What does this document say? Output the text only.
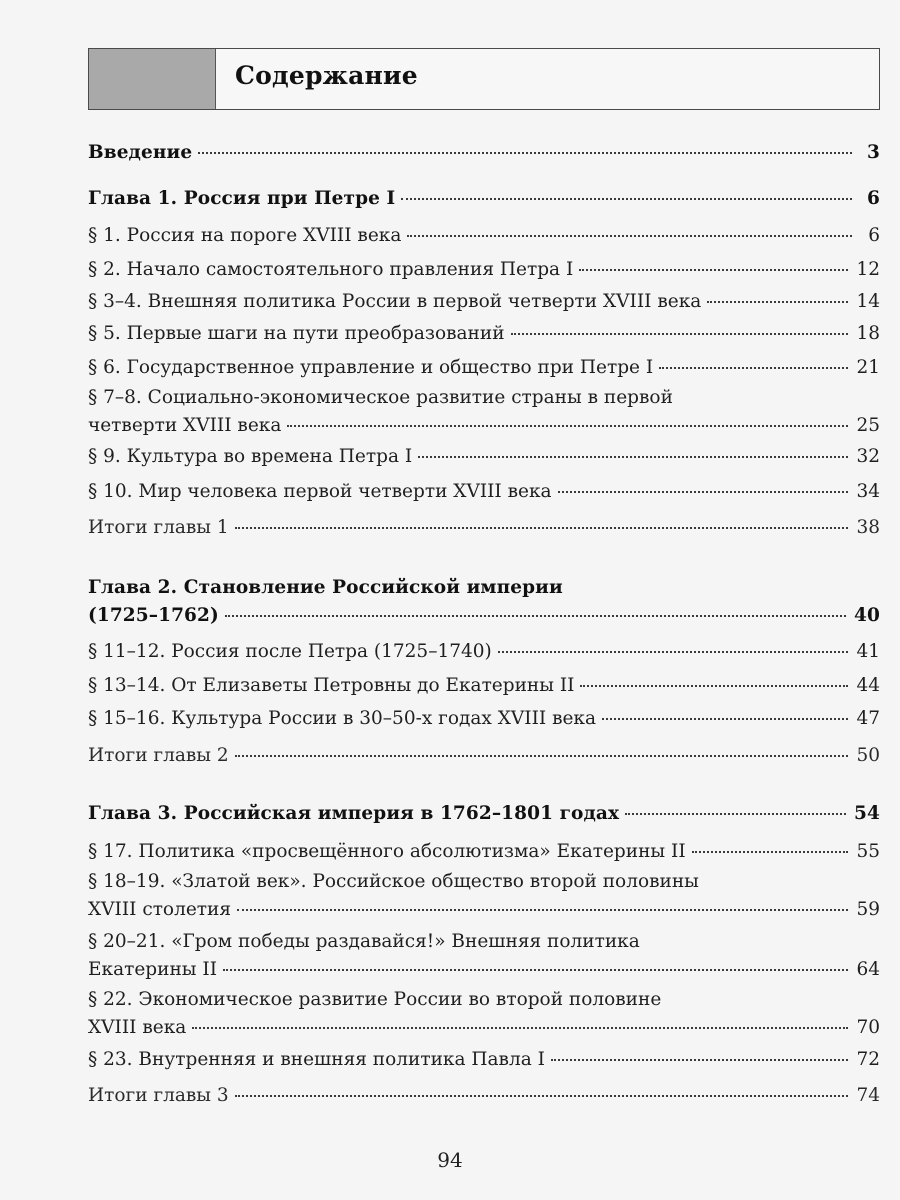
Содержание
Введение	3
Глава 1. Россия при Петре I	6
§ 1. Россия на пороге XVIII века	6
§ 2. Начало самостоятельного правления Петра I	12
§ 3–4. Внешняя политика России в первой четверти XVIII века	14
§ 5. Первые шаги на пути преобразований	18
§ 6. Государственное управление и общество при Петре I	21
§ 7–8. Социально-экономическое развитие страны в первой
четверти XVIII века	25
§ 9. Культура во времена Петра I	32
§ 10. Мир человека первой четверти XVIII века	34
Итоги главы 1	38
Глава 2. Становление Российской империи
(1725–1762)	40
§ 11–12. Россия после Петра (1725–1740)	41
§ 13–14. От Елизаветы Петровны до Екатерины II	44
§ 15–16. Культура России в 30–50-х годах XVIII века	47
Итоги главы 2	50
Глава 3. Российская империя в 1762–1801 годах	54
§ 17. Политика «просвещённого абсолютизма» Екатерины II	55
§ 18–19. «Златой век». Российское общество второй половины
XVIII столетия	59
§ 20–21. «Гром победы раздавайся!» Внешняя политика
Екатерины II	64
§ 22. Экономическое развитие России во второй половине
XVIII века	70
§ 23. Внутренняя и внешняя политика Павла I	72
Итоги главы 3	74
94
